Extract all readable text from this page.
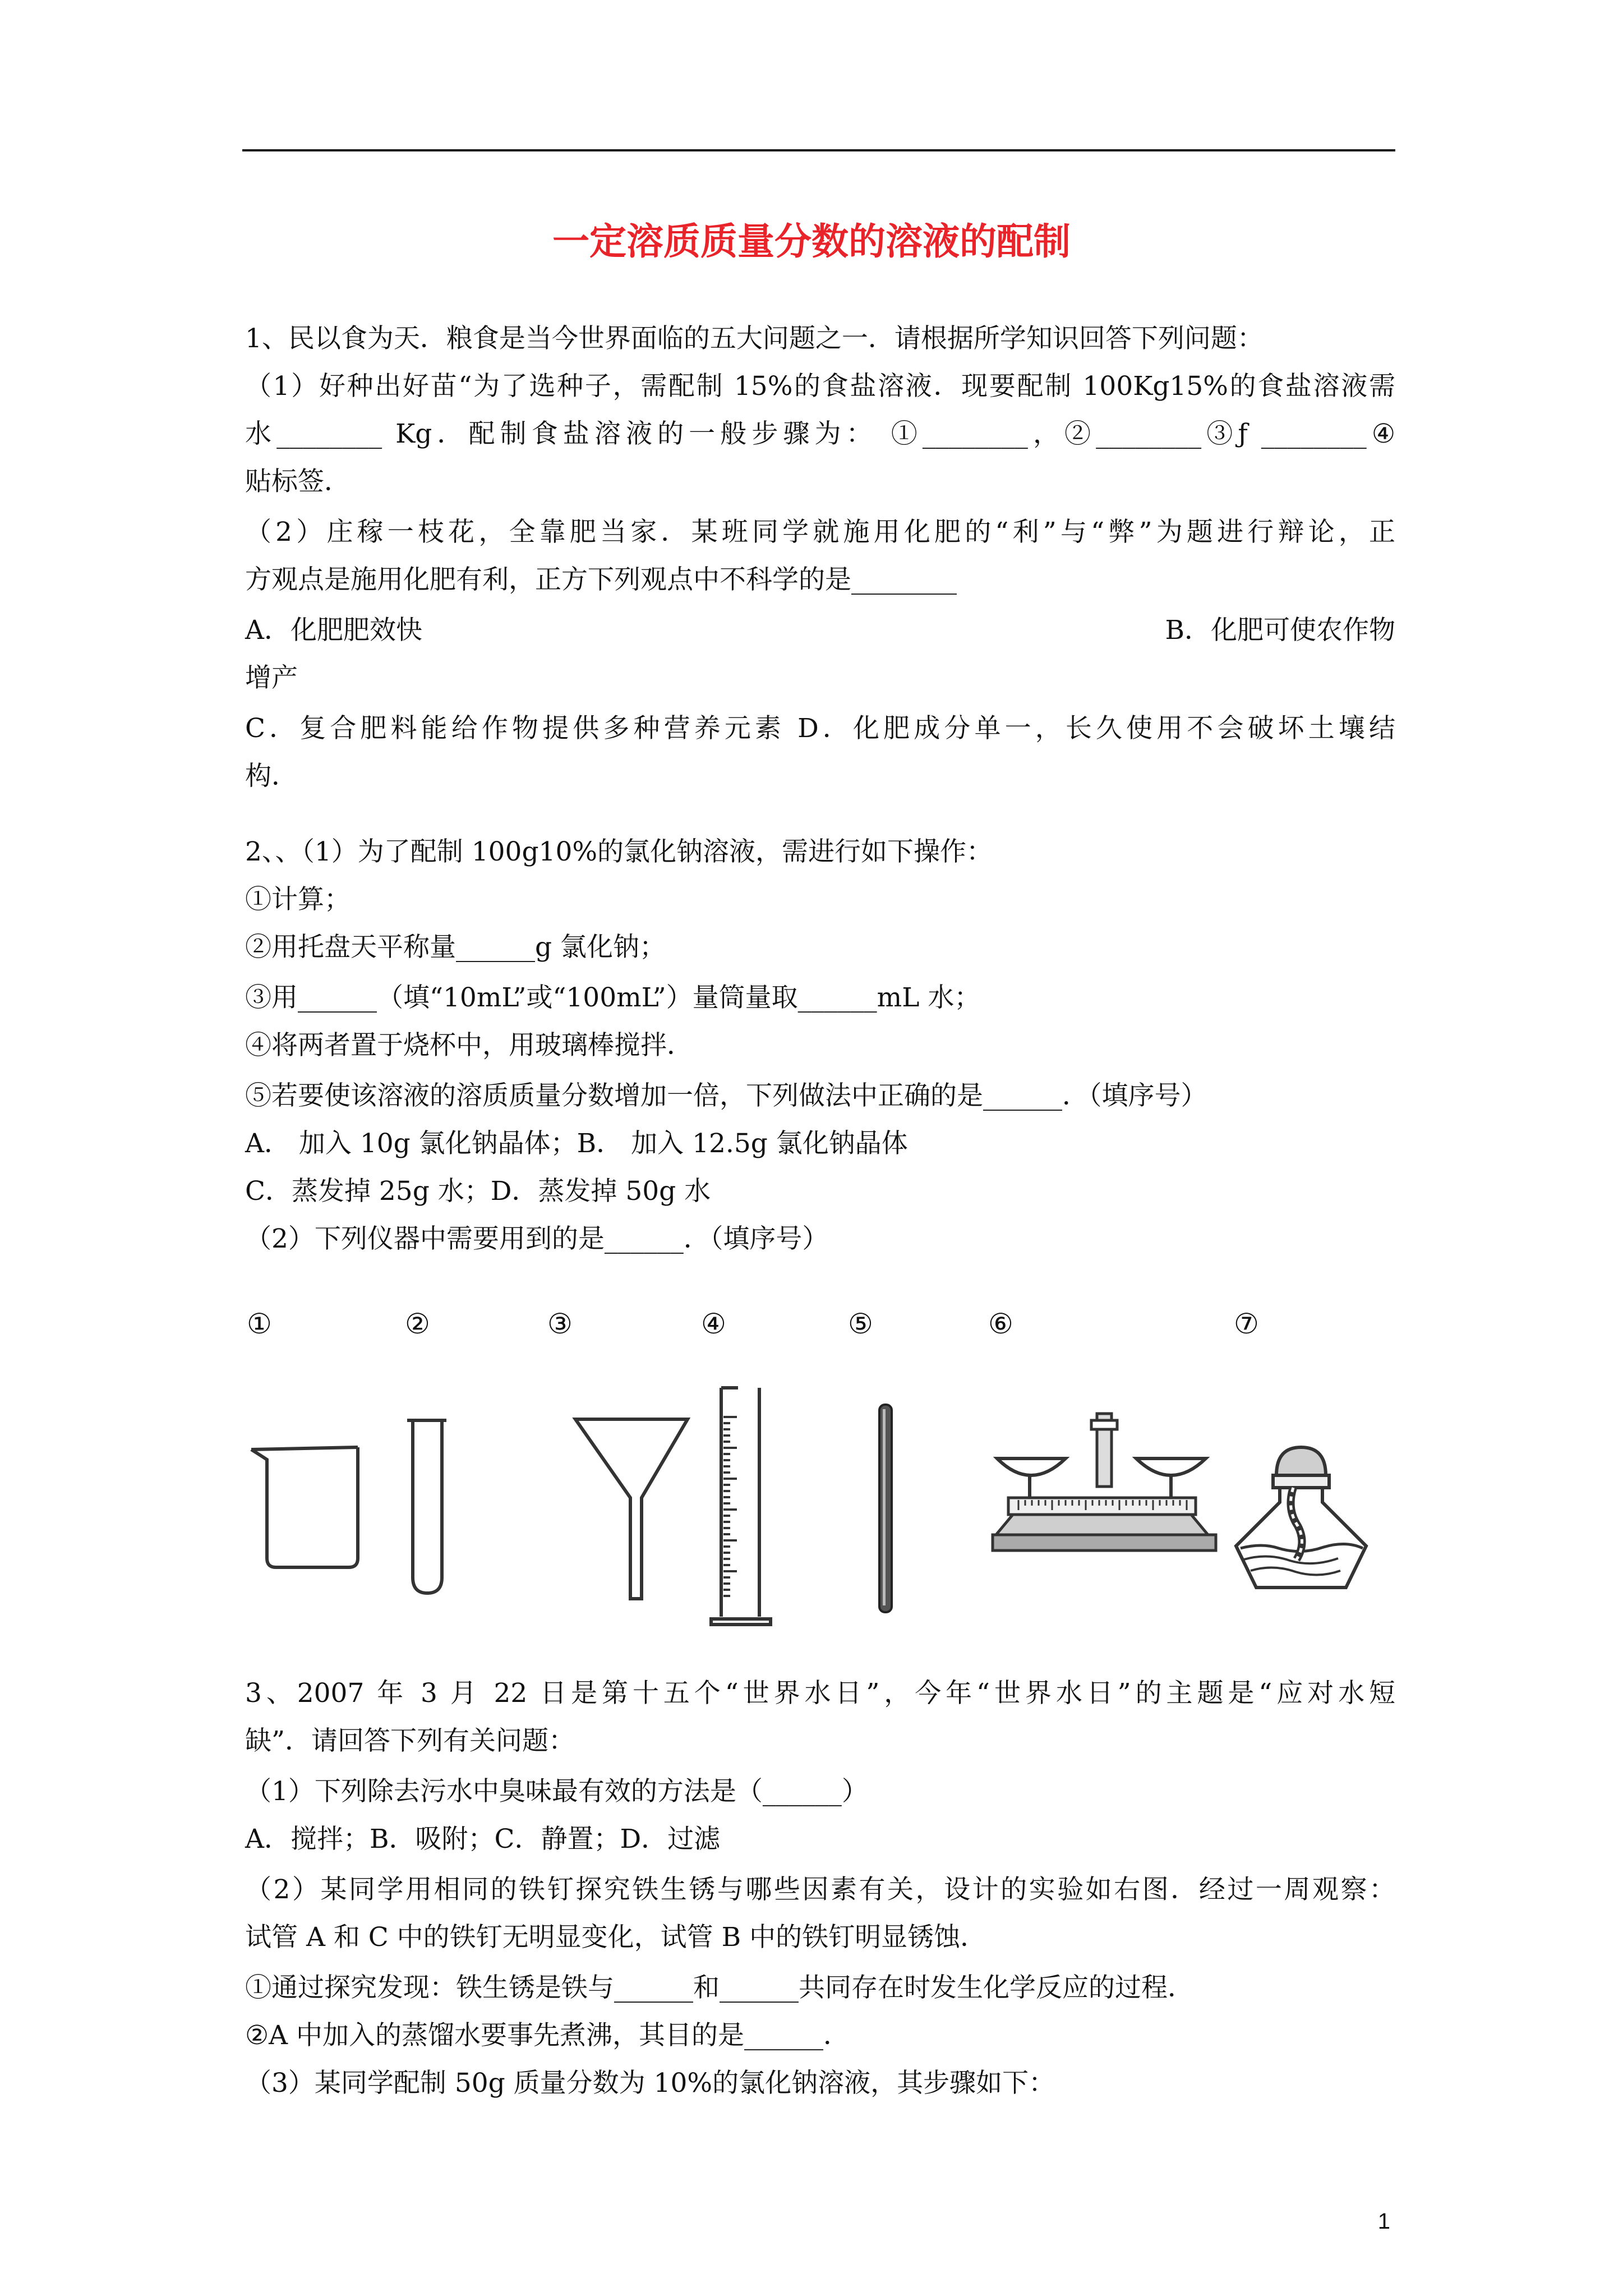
一定溶质质量分数的溶液的配制
1、民以食为天．粮食是当今世界面临的五大问题之一．请根据所学知识回答下列问题：
（1）好种出好苗“为了选种子，需配制 15%的食盐溶液．现要配制 100Kg15%的食盐溶液需
水________ Kg．配制食盐溶液的一般步骤为： ①________，②________③ƒ ________④
贴标签．
（2）庄稼一枝花，全靠肥当家．某班同学就施用化肥的“利”与“弊”为题进行辩论，正
方观点是施用化肥有利，正方下列观点中不科学的是________
A．化肥肥效快	B．化肥可使农作物
增产
C．复合肥料能给作物提供多种营养元素 D．化肥成分单一，长久使用不会破坏土壤结
构．
2、、（1）为了配制 100g10%的氯化钠溶液，需进行如下操作：
①计算；
②用托盘天平称量______g 氯化钠；
③用______（填“10mL”或“100mL”）量筒量取______mL 水；
④将两者置于烧杯中，用玻璃棒搅拌．
⑤若要使该溶液的溶质质量分数增加一倍，下列做法中正确的是______．（填序号）
A． 加入 10g 氯化钠晶体；B． 加入 12.5g 氯化钠晶体
C．蒸发掉 25g 水；D．蒸发掉 50g 水
（2）下列仪器中需要用到的是______．（填序号）
①	②	③	④	⑤	⑥	⑦
3、2007 年 3 月 22 日是第十五个“世界水日”，今年“世界水日”的主题是“应对水短
缺”．请回答下列有关问题：
（1）下列除去污水中臭味最有效的方法是（______）
A．搅拌；B．吸附；C．静置；D．过滤
（2）某同学用相同的铁钉探究铁生锈与哪些因素有关，设计的实验如右图．经过一周观察：
试管 A 和 C 中的铁钉无明显变化，试管 B 中的铁钉明显锈蚀．
①通过探究发现：铁生锈是铁与______和______共同存在时发生化学反应的过程．
②A 中加入的蒸馏水要事先煮沸，其目的是______．
（3）某同学配制 50g 质量分数为 10%的氯化钠溶液，其步骤如下：
1
